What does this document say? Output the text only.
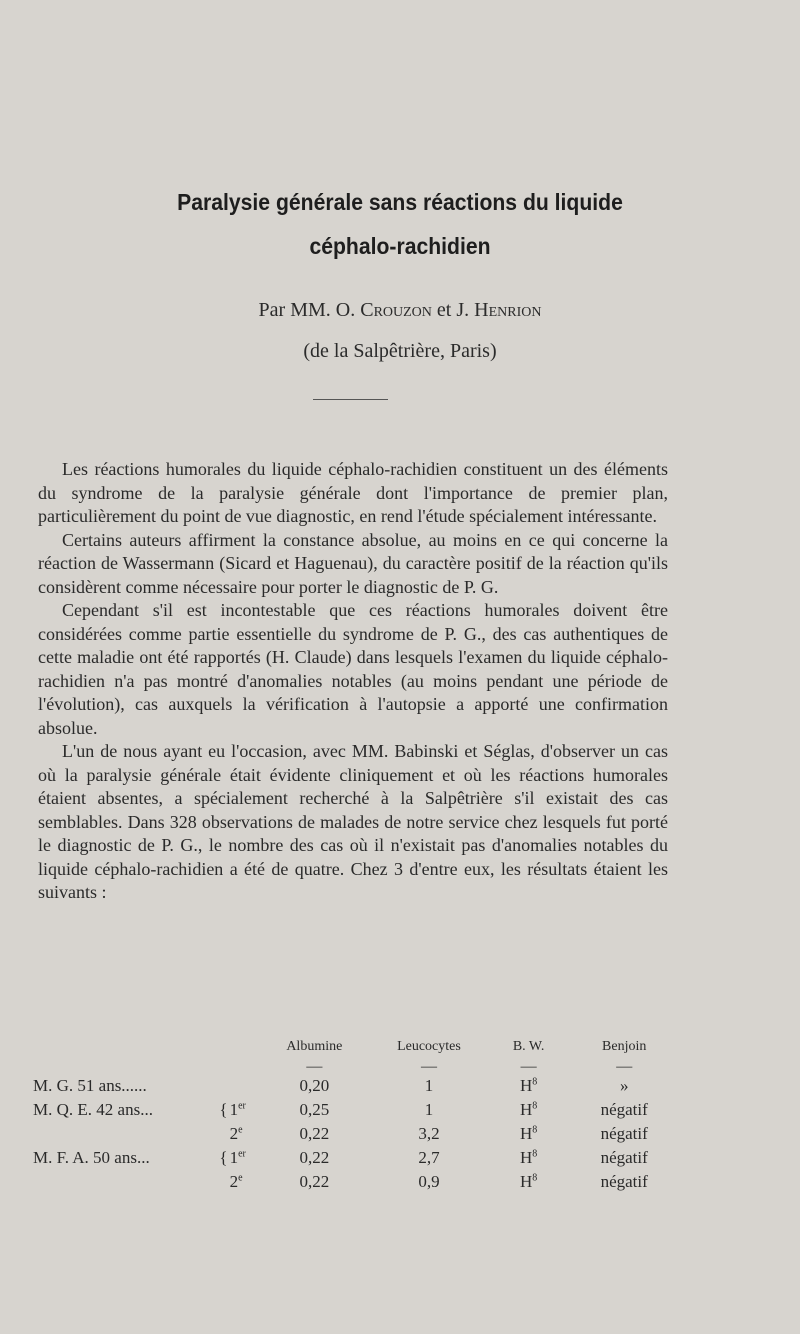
Paralysie générale sans réactions du liquide
céphalo-rachidien
Par MM. O. Crouzon et J. Henrion
(de la Salpêtrière, Paris)

Les réactions humorales du liquide céphalo-rachidien constituent un des éléments du syndrome de la paralysie générale dont l'importance de premier plan, particulièrement du point de vue diagnostic, en rend l'étude spécialement intéressante.

Certains auteurs affirment la constance absolue, au moins en ce qui concerne la réaction de Wassermann (Sicard et Haguenau), du caractère positif de la réaction qu'ils considèrent comme nécessaire pour porter le diagnostic de P. G.

Cependant s'il est incontestable que ces réactions humorales doivent être considérées comme partie essentielle du syndrome de P. G., des cas authentiques de cette maladie ont été rapportés (H. Claude) dans lesquels l'examen du liquide céphalo-rachidien n'a pas montré d'anomalies notables (au moins pendant une période de l'évolution), cas auxquels la vérification à l'autopsie a apporté une confirmation absolue.

L'un de nous ayant eu l'occasion, avec MM. Babinski et Séglas, d'observer un cas où la paralysie générale était évidente cliniquement et où les réactions humorales étaient absentes, a spécialement recherché à la Salpêtrière s'il existait des cas semblables. Dans 328 observations de malades de notre service chez lesquels fut porté le diagnostic de P. G., le nombre des cas où il n'existait pas d'anomalies notables du liquide céphalo-rachidien a été de quatre. Chez 3 d'entre eux, les résultats étaient les suivants :

			Albumine	Leucocytes	B. W.	Benjoin
			—	—	—	—
M. G. 51 ans......			0,20	1	$H^8$	»
M. Q. E. 42 ans...	{	1er	0,25	1	$H^8$	négatif
		2e	0,22	3,2	$H^8$	négatif
M. F. A. 50 ans...	{	1er	0,22	2,7	$H^8$	négatif
		2e	0,22	0,9	$H^8$	négatif
